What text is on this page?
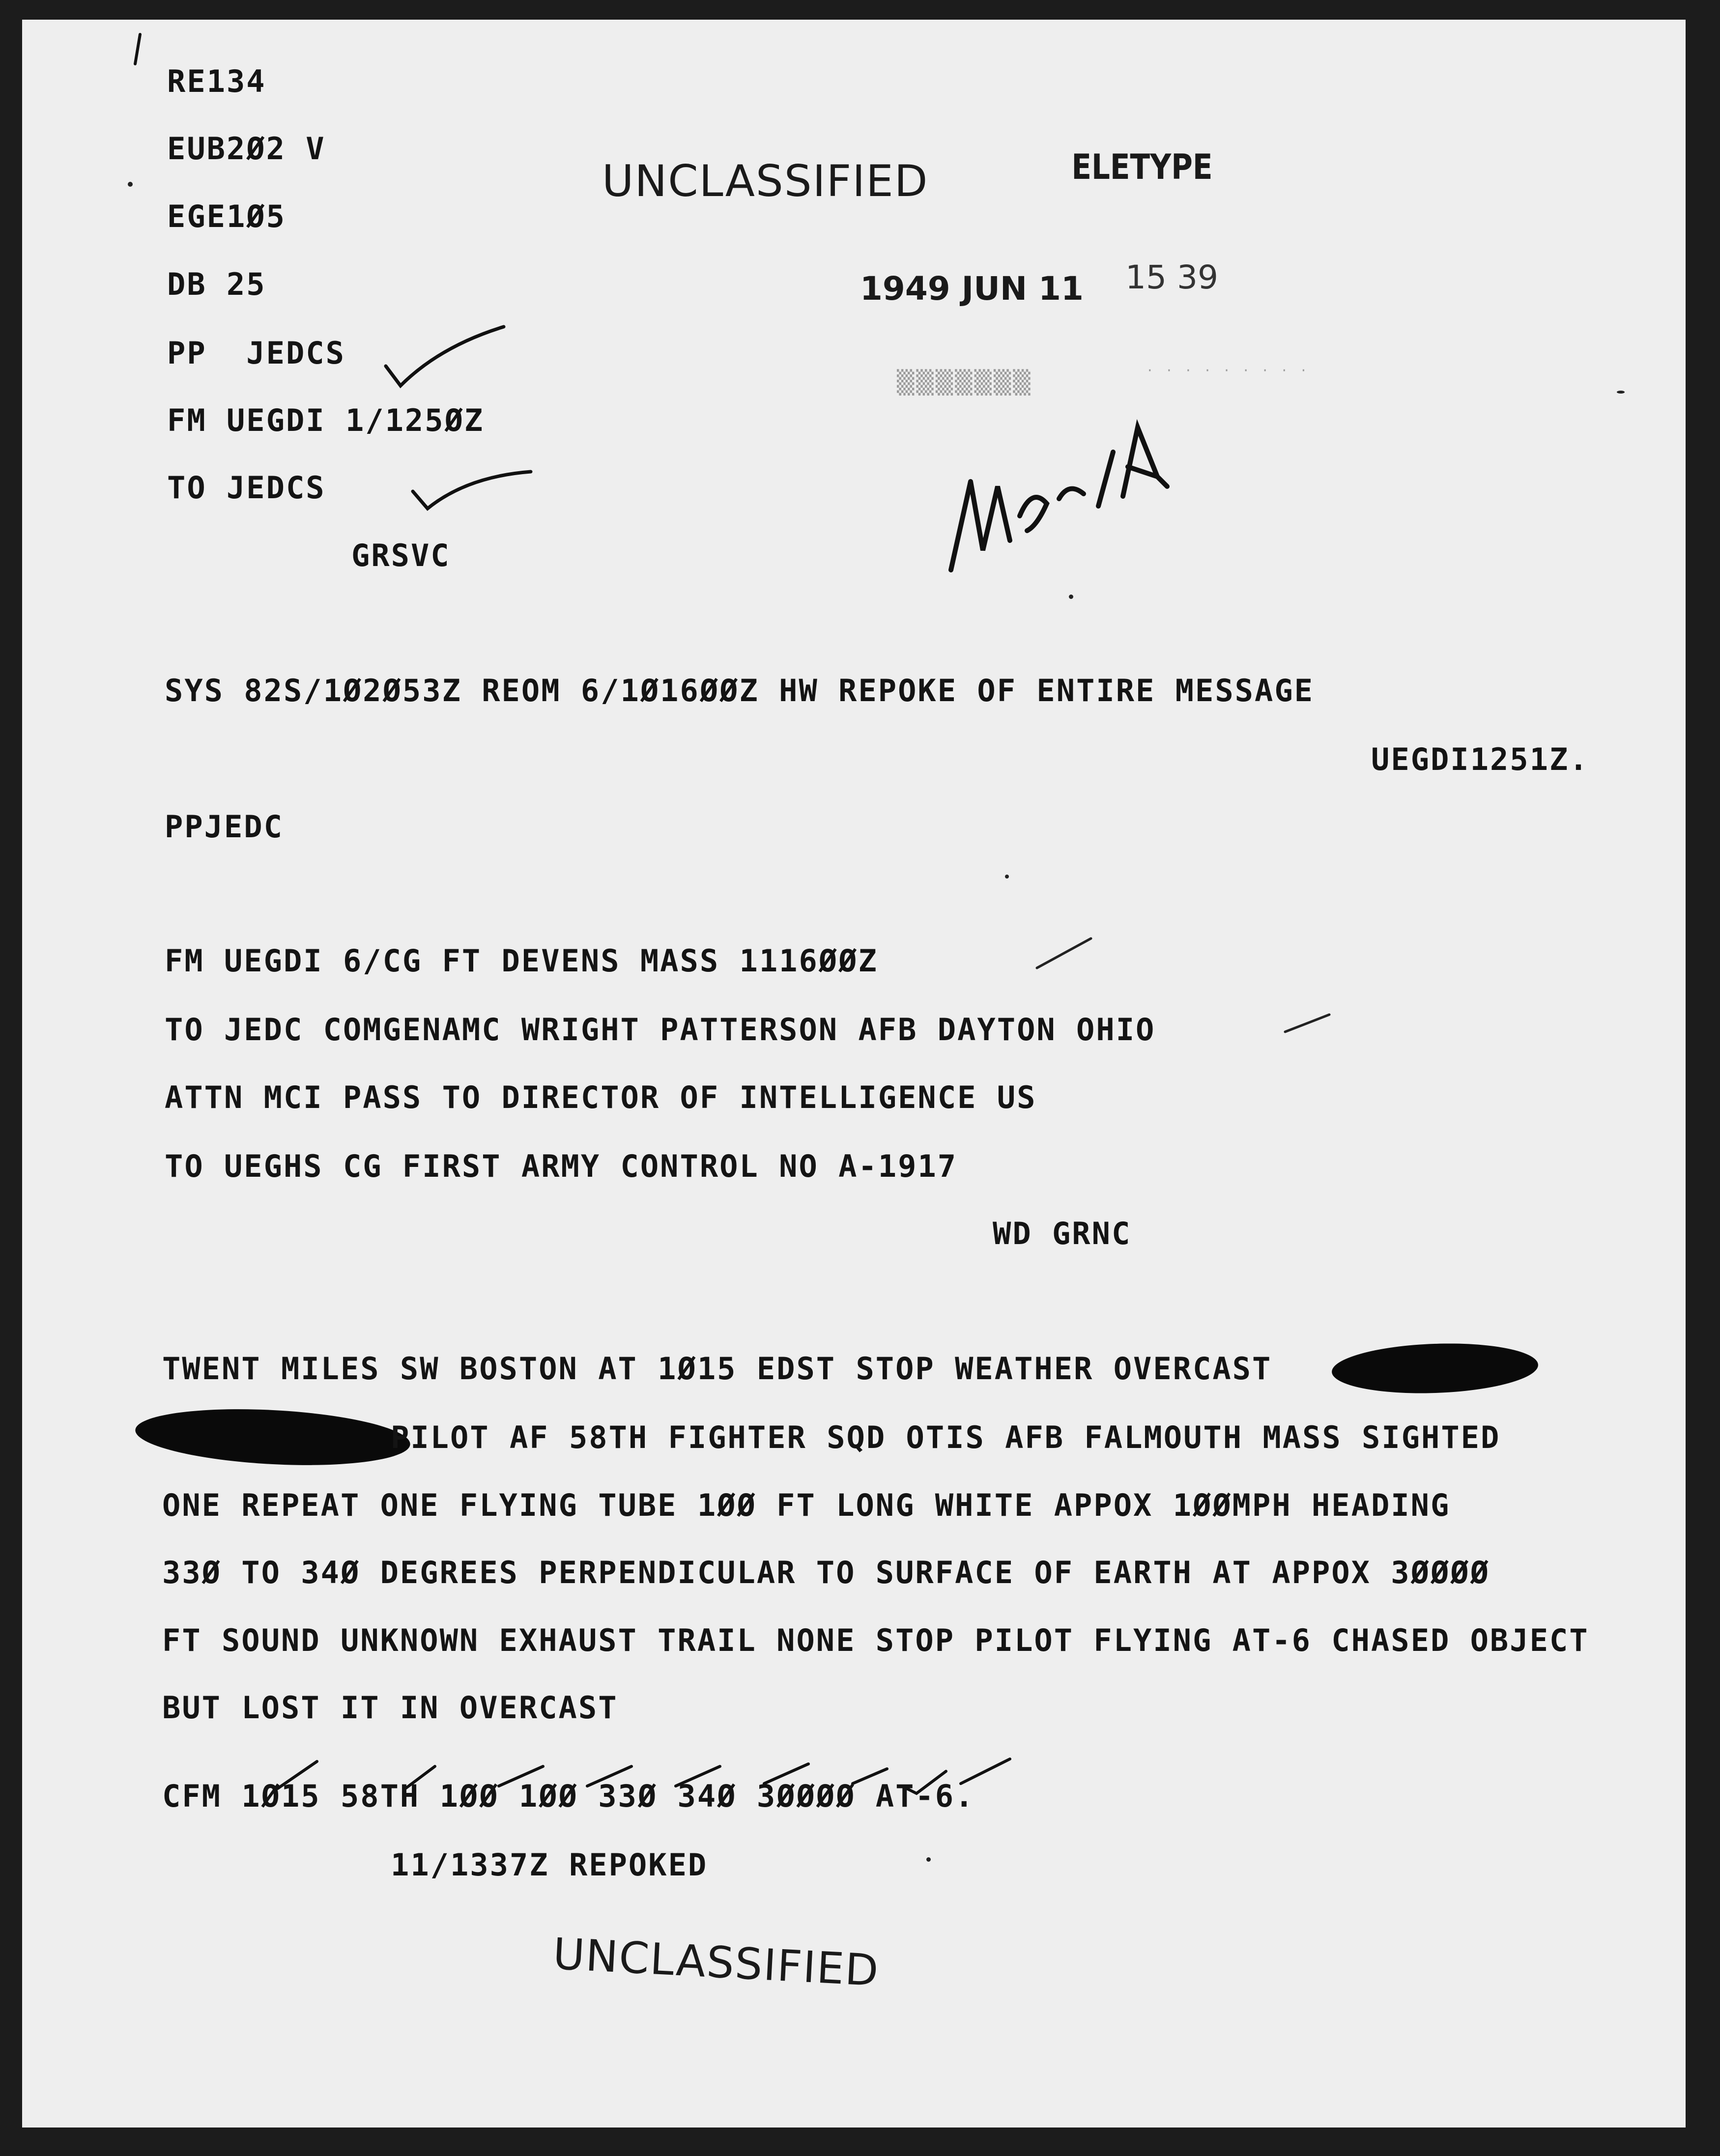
RE134
EUB2Ø2 V
EGE1Ø5
DB 25
PP  JEDCS
FM UEGDI 1/125ØZ
TO JEDCS
GRSVC
UNCLASSIFIED	ELETYPE
1949 JUN 11 15 39
UNCLASSIFIED
▒▒▒▒▒▒▒	· · · · · · · · ·
SYS 82S/1Ø2Ø53Z REOM 6/1Ø16ØØZ HW REPOKE OF ENTIRE MESSAGE
UEGDI1251Z.
PPJEDC
FM UEGDI 6/CG FT DEVENS MASS 1116ØØZ
TO JEDC COMGENAMC WRIGHT PATTERSON AFB DAYTON OHIO
ATTN MCI PASS TO DIRECTOR OF INTELLIGENCE US
TO UEGHS CG FIRST ARMY CONTROL NO A-1917
WD GRNC
TWENT MILES SW BOSTON AT 1Ø15 EDST STOP WEATHER OVERCAST
PILOT AF 58TH FIGHTER SQD OTIS AFB FALMOUTH MASS SIGHTED
ONE REPEAT ONE FLYING TUBE 1ØØ FT LONG WHITE APPOX 1ØØMPH HEADING
33Ø TO 34Ø DEGREES PERPENDICULAR TO SURFACE OF EARTH AT APPOX 3ØØØØ
FT SOUND UNKNOWN EXHAUST TRAIL NONE STOP PILOT FLYING AT-6 CHASED OBJECT
BUT LOST IT IN OVERCAST
CFM 1Ø15 58TH 1ØØ 1ØØ 33Ø 34Ø 3ØØØØ AT-6.
11/1337Z REPOKED
